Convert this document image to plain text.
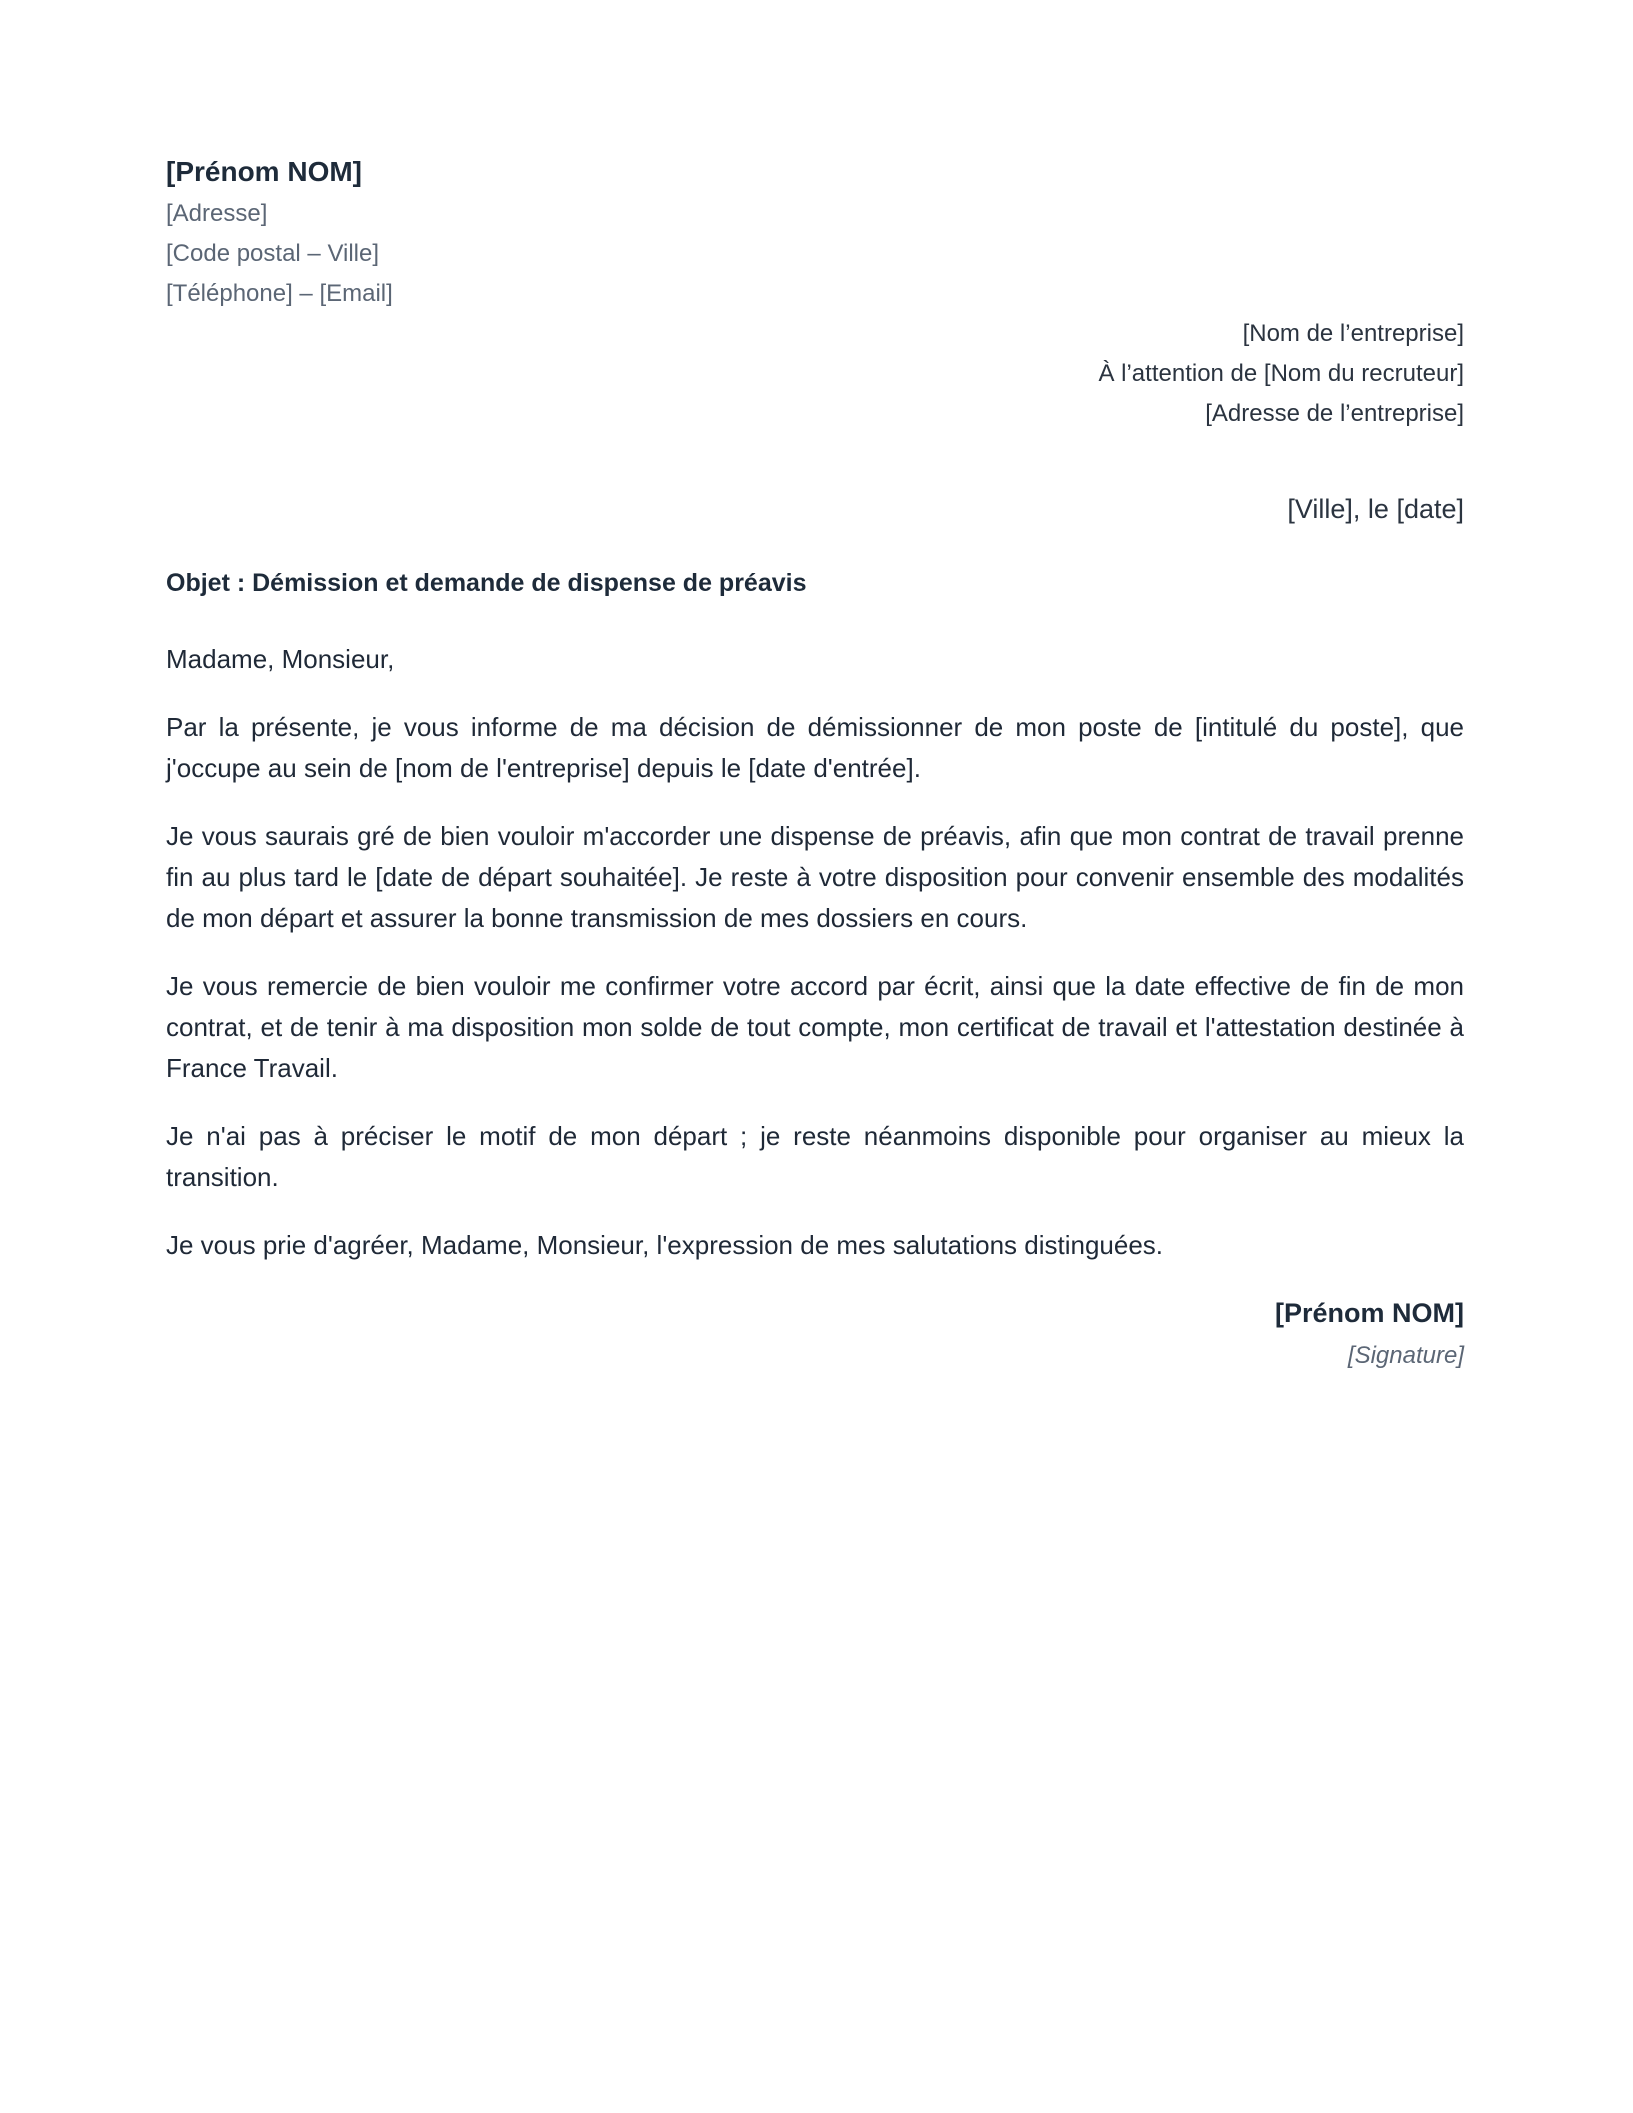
[Prénom NOM]

[Adresse]

[Code postal – Ville]

[Téléphone] – [Email]

[Nom de l’entreprise]

À l’attention de [Nom du recruteur]

[Adresse de l’entreprise]

[Ville], le [date]
Objet : Démission et demande de dispense de préavis
Madame, Monsieur,
Par la présente, je vous informe de ma décision de démissionner de mon poste de [intitulé du poste], que j'occupe au sein de [nom de l'entreprise] depuis le [date d'entrée].
Je vous saurais gré de bien vouloir m'accorder une dispense de préavis, afin que mon contrat de travail prenne fin au plus tard le [date de départ souhaitée]. Je reste à votre disposition pour convenir ensemble des modalités de mon départ et assurer la bonne transmission de mes dossiers en cours.
Je vous remercie de bien vouloir me confirmer votre accord par écrit, ainsi que la date effective de fin de mon contrat, et de tenir à ma disposition mon solde de tout compte, mon certificat de travail et l'attestation destinée à France Travail.
Je n'ai pas à préciser le motif de mon départ ; je reste néanmoins disponible pour organiser au mieux la transition.
Je vous prie d'agréer, Madame, Monsieur, l'expression de mes salutations distinguées.
[Prénom NOM]
[Signature]
